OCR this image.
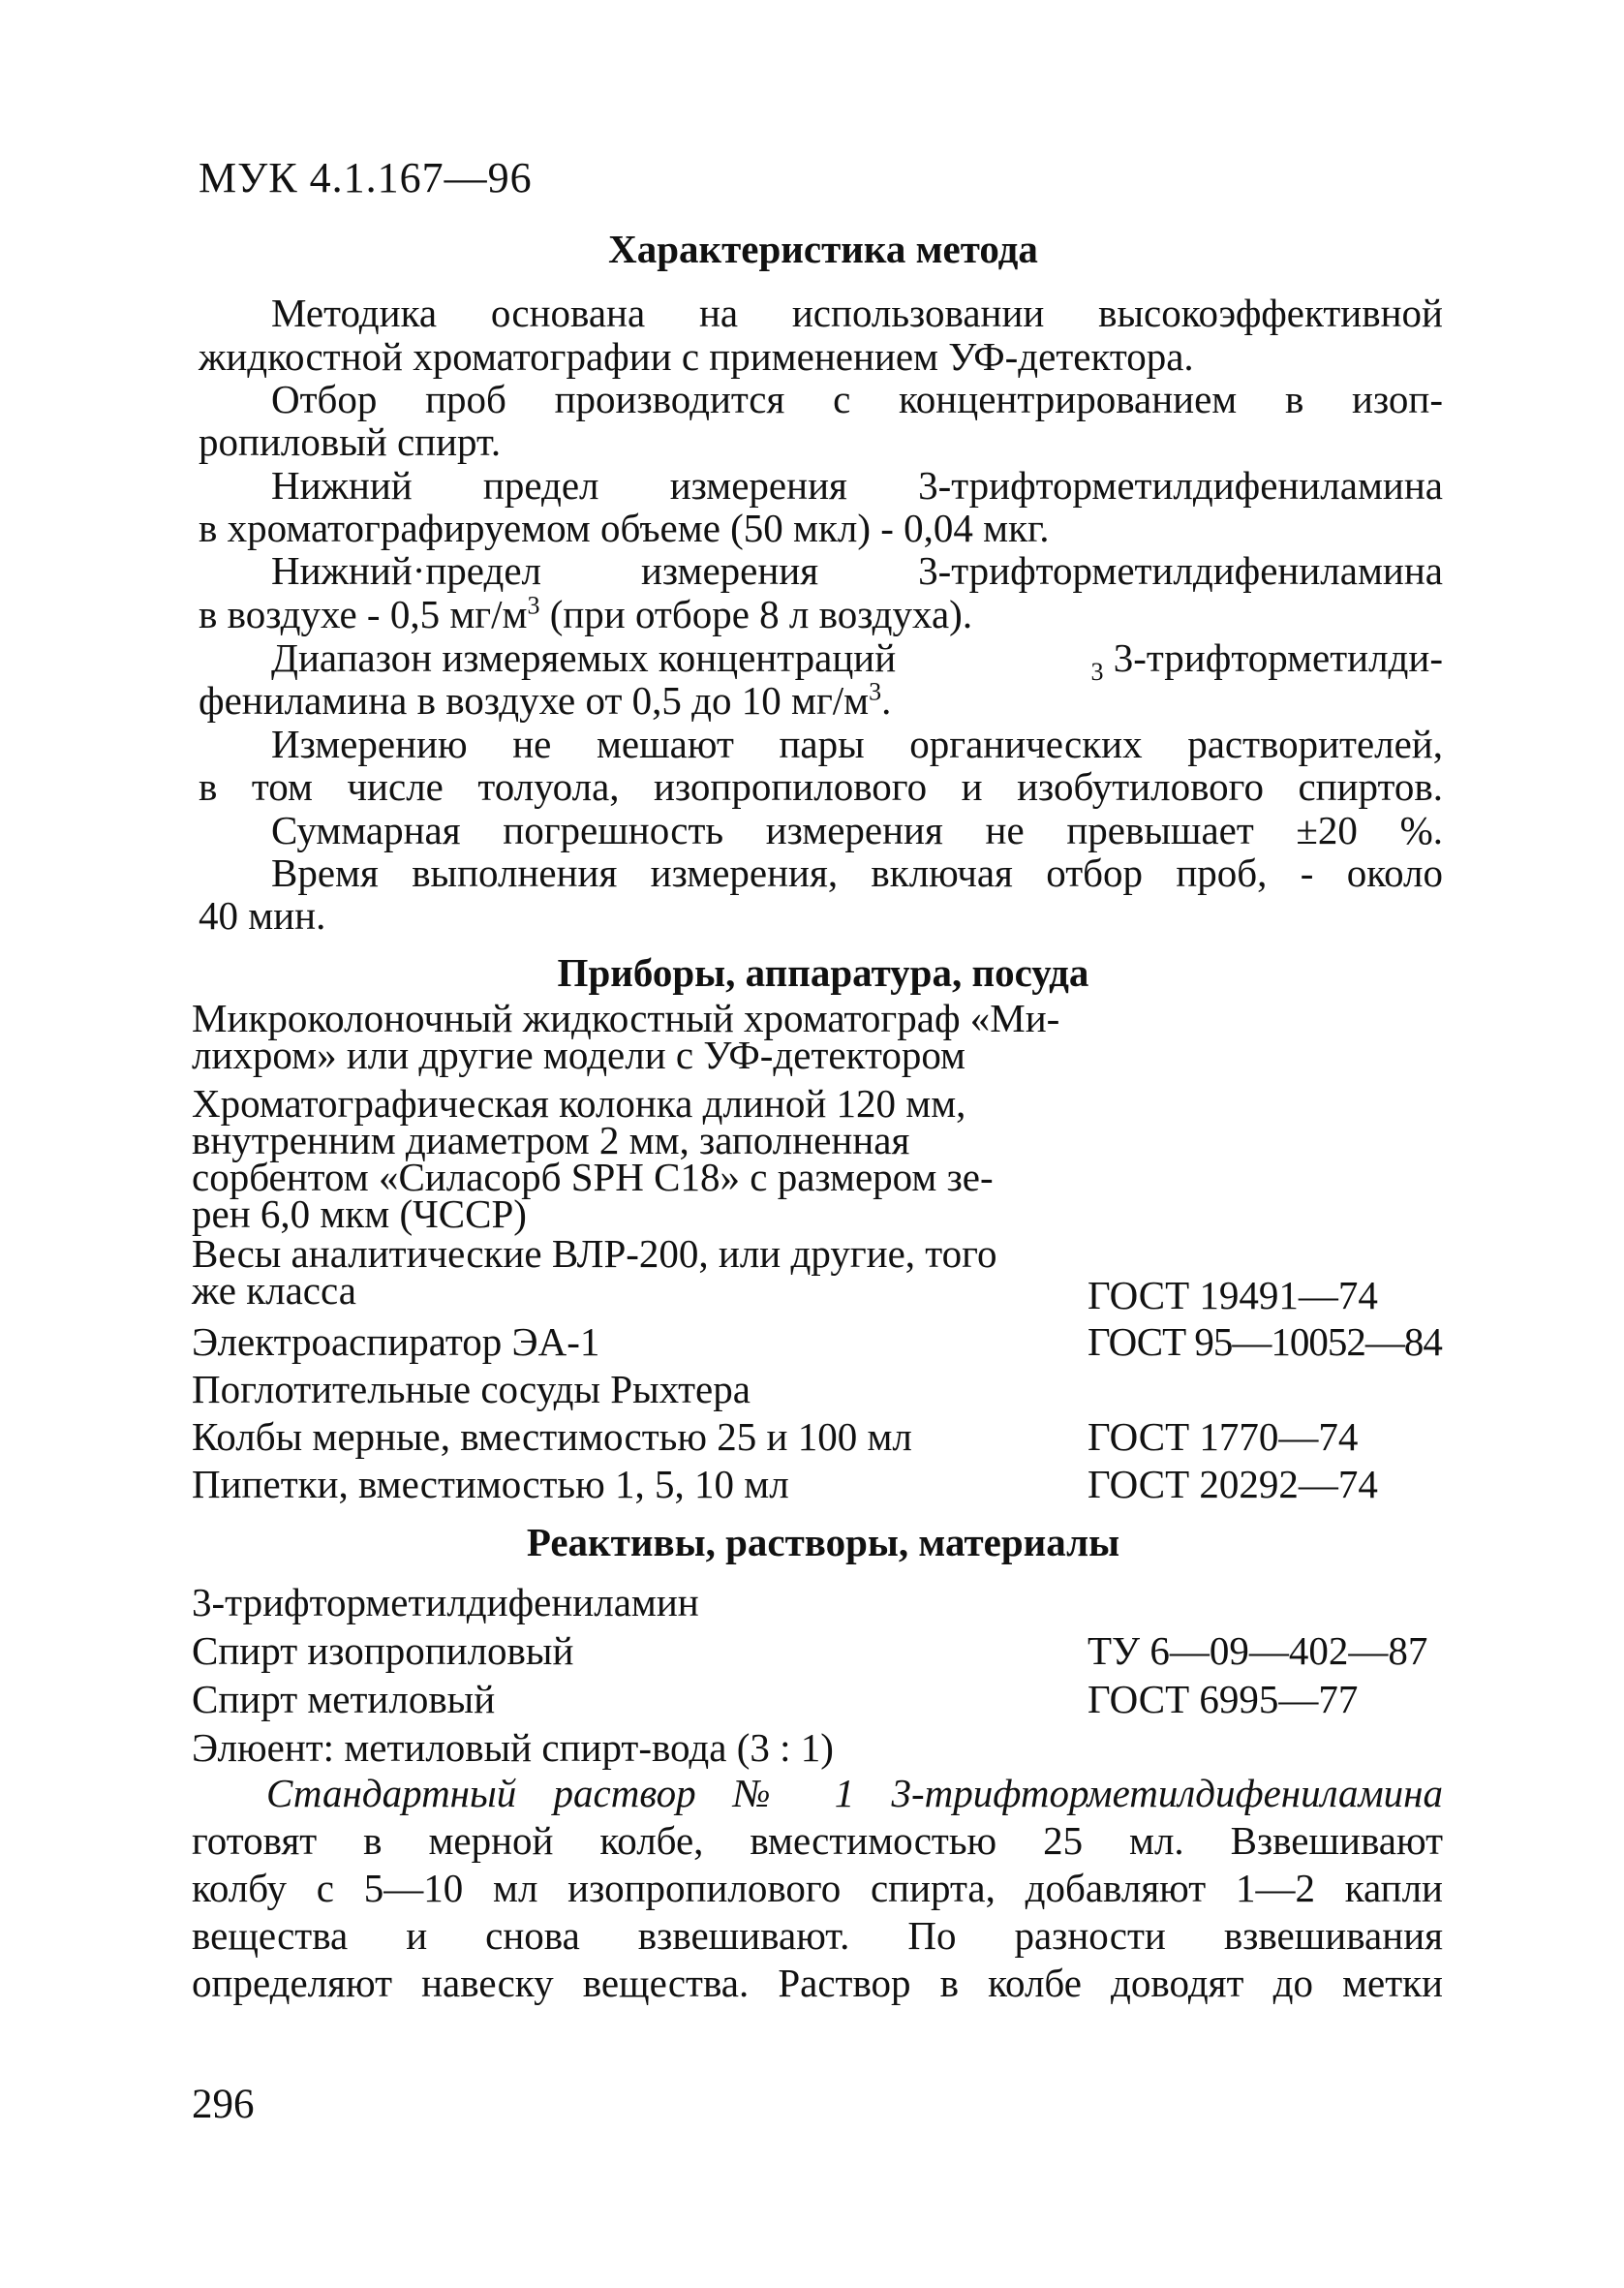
МУК 4.1.167—96
Характеристика метода
Методика основана на использовании высокоэффективной
жидкостной хроматографии с применением УФ-детектора.
Отбор проб производится с концентрированием в изоп-
ропиловый спирт.
Нижний предел измерения 3-трифторметилдифениламина
в хроматографируемом объеме (50 мкл) - 0,04 мкг.
Нижний·предел измерения 3-трифторметилдифениламина
в воздухе - 0,5 $мг/м^3$ (при отборе 8 л воздуха).
Диапазон измеряемых концентраций	$_3$ 3-трифторметилди-
фениламина в воздухе от 0,5 до 10 $мг/м^3$.
Измерению не мешают пары органических растворителей,
в том числе толуола, изопропилового и изобутилового спиртов.
Суммарная погрешность измерения не превышает ±20 %.
Время выполнения измерения, включая отбор проб, - около
40 мин.
Приборы, аппаратура, посуда
Микроколоночный жидкостный хроматограф «Ми-
лихром» или другие модели с УФ-детектором
Хроматографическая колонка длиной 120 мм,
внутренним диаметром 2 мм, заполненная
сорбентом «Силасорб SPH С18» с размером зе-
рен 6,0 мкм (ЧССР)
Весы аналитические ВЛР-200, или другие, того
же класса	ГОСТ 19491—74
Электроаспиратор ЭА-1	ГОСТ 95—10052—84
Поглотительные сосуды Рыхтера
Колбы мерные, вместимостью 25 и 100 мл	ГОСТ 1770—74
Пипетки, вместимостью 1, 5, 10 мл	ГОСТ 20292—74
Реактивы, растворы, материалы
3-трифторметилдифениламин
Спирт изопропиловый	ТУ 6—09—402—87
Спирт метиловый	ГОСТ 6995—77
Элюент: метиловый спирт-вода (3 : 1)
Стандартный раствор № 1 3-трифторметилдифениламина
готовят в мерной колбе, вместимостью 25 мл. Взвешивают
колбу с 5—10 мл изопропилового спирта, добавляют 1—2 капли
вещества и снова взвешивают. По разности взвешивания
определяют навеску вещества. Раствор в колбе доводят до метки
296
